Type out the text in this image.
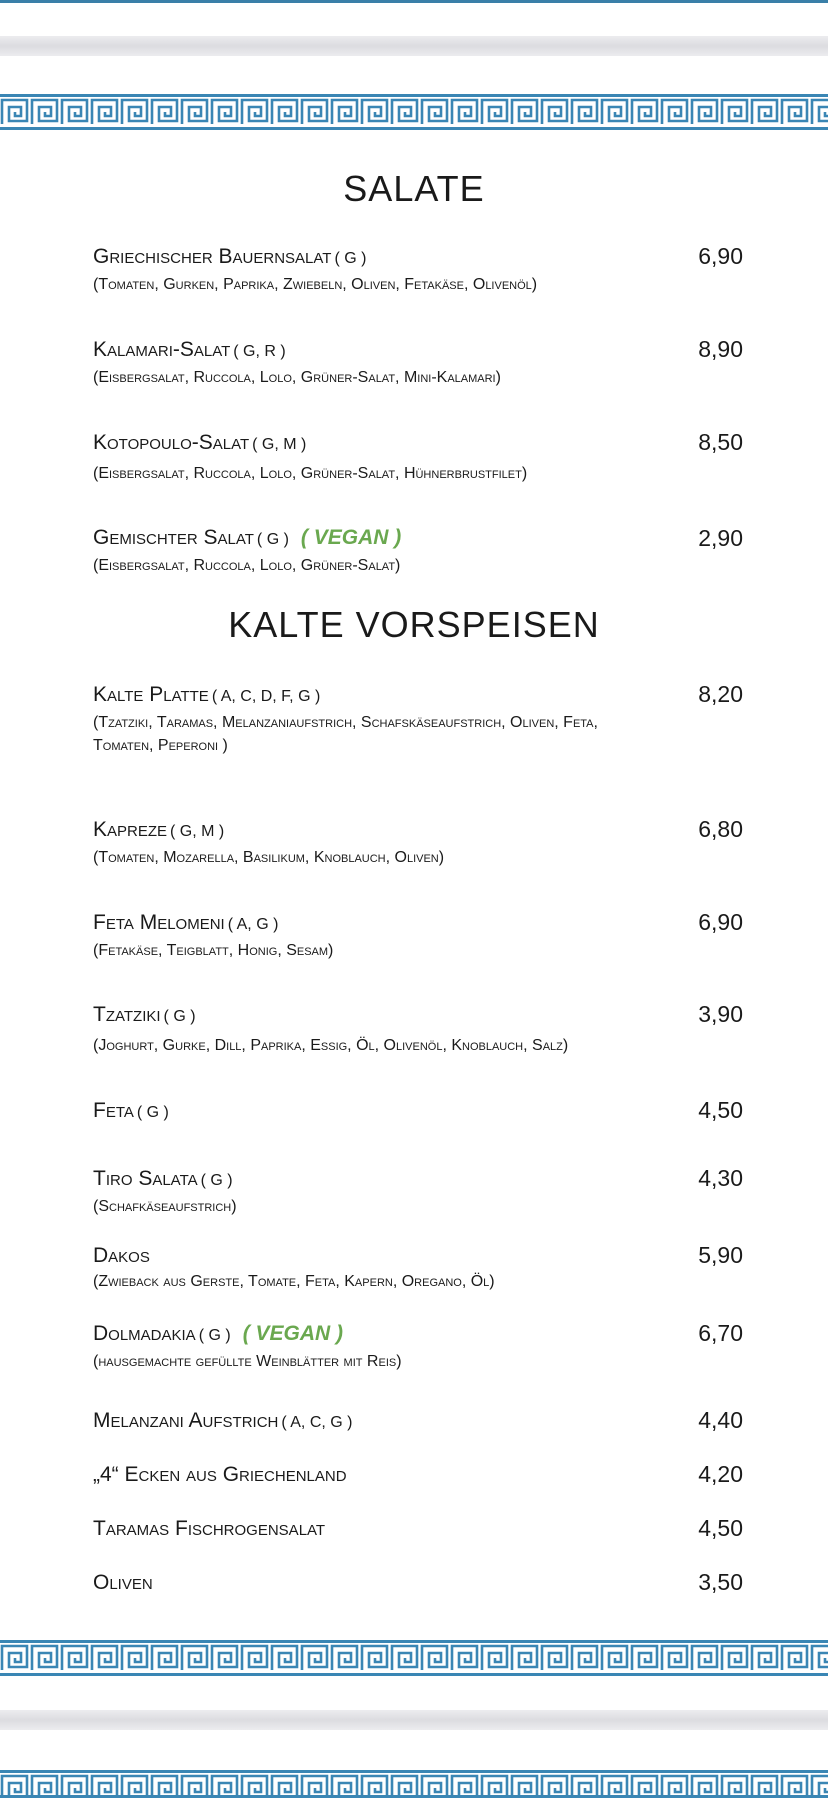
SALATE
Griechischer Bauernsalat ( G )
(Tomaten, Gurken, Paprika, Zwiebeln, Oliven, Fetakäse, Olivenöl)
6,90
Kalamari-Salat ( G, R )
(Eisbergsalat, Ruccola, Lolo, Grüner-Salat, Mini-Kalamari)
8,90
Kotopoulo-Salat ( G, M )
(Eisbergsalat, Ruccola, Lolo, Grüner-Salat, Hühnerbrustfilet)
8,50
Gemischter Salat ( G ) ( VEGAN )
(Eisbergsalat, Ruccola, Lolo, Grüner-Salat)
2,90
KALTE VORSPEISEN
Kalte Platte ( A, C, D, F, G )
(Tzatziki, Taramas, Melanzaniaufstrich, Schafskäseaufstrich, Oliven, Feta, Tomaten, Peperoni )
8,20
Kapreze ( G, M )
(Tomaten, Mozarella, Basilikum, Knoblauch, Oliven)
6,80
Feta Melomeni ( A, G )
(Fetakäse, Teigblatt, Honig, Sesam)
6,90
Tzatziki ( G )
(Joghurt, Gurke, Dill, Paprika, Essig, Öl, Olivenöl, Knoblauch, Salz)
3,90
Feta ( G )	4,50
Tiro Salata ( G )
(Schafkäseaufstrich)
4,30
Dakos
(Zwieback aus Gerste, Tomate, Feta, Kapern, Oregano, Öl)
5,90
Dolmadakia ( G ) ( VEGAN )
(hausgemachte gefüllte Weinblätter mit Reis)
6,70
Melanzani Aufstrich ( A, C, G )	4,40
„4“ Ecken aus Griechenland	4,20
Taramas Fischrogensalat	4,50
Oliven	3,50
